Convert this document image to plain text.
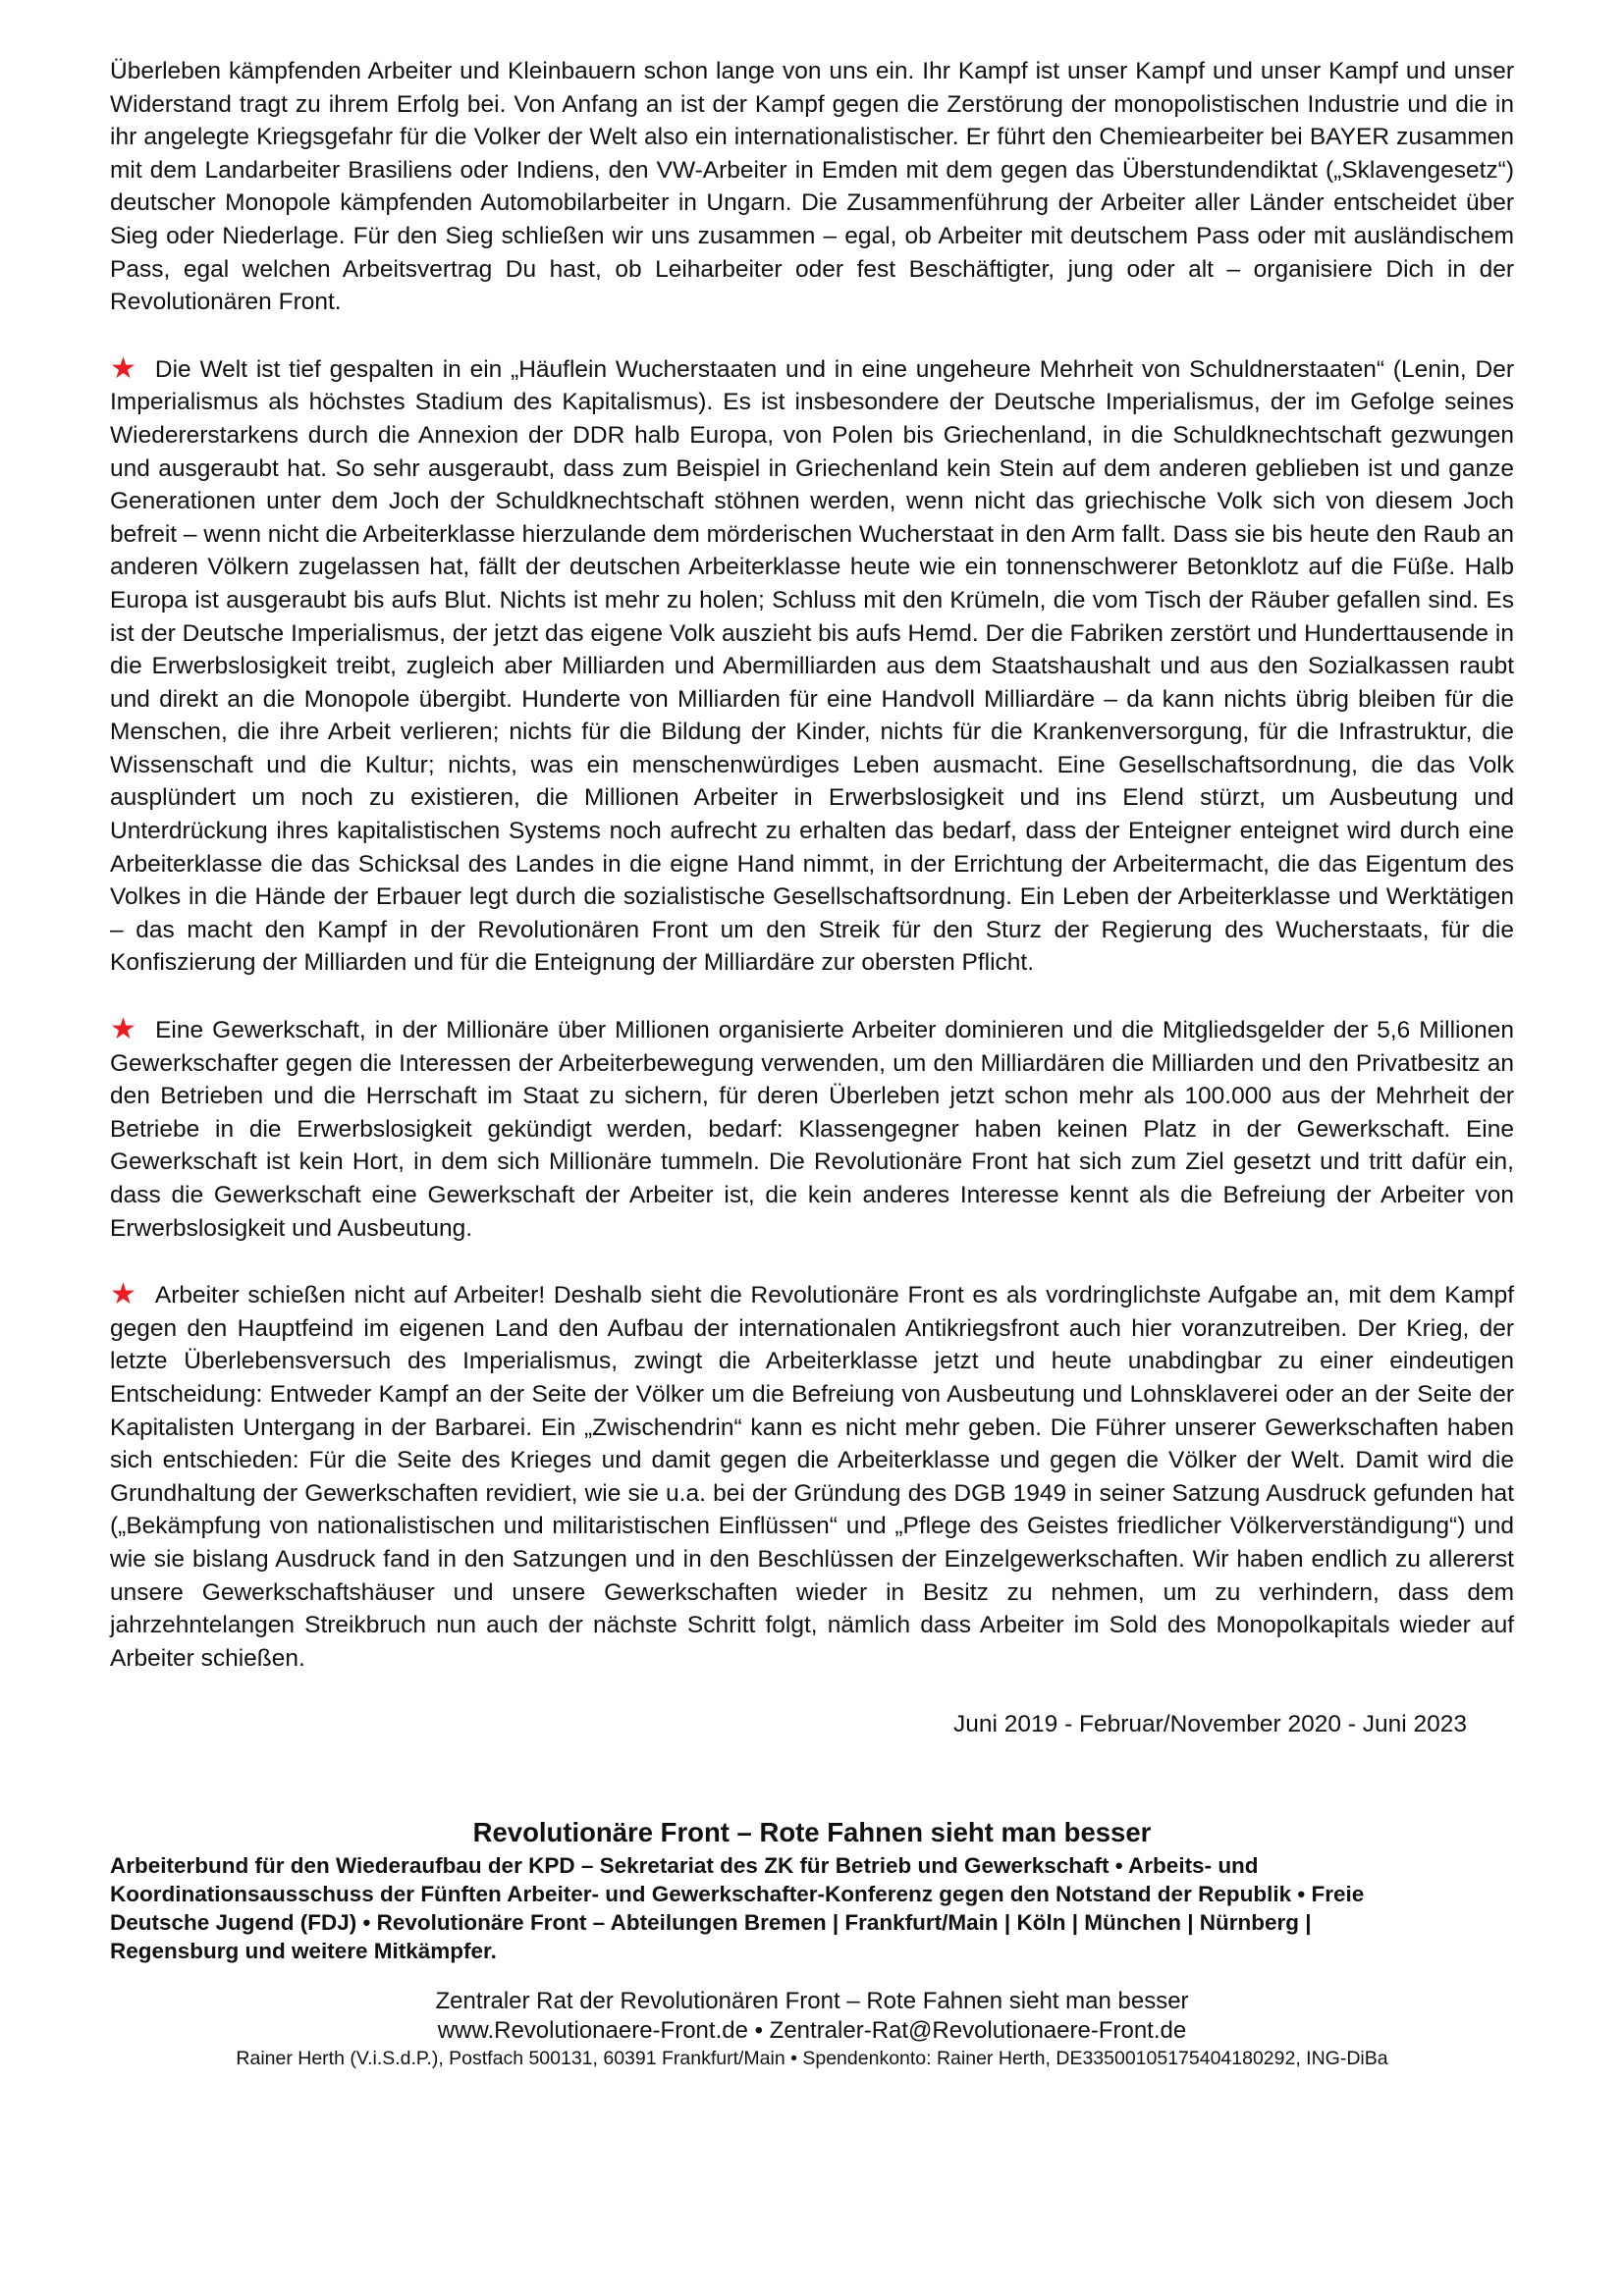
Überleben kämpfenden Arbeiter und Kleinbauern schon lange von uns ein. Ihr Kampf ist unser Kampf und unser Kampf und unser Widerstand tragt zu ihrem Erfolg bei. Von Anfang an ist der Kampf gegen die Zerstörung der monopolistischen Industrie und die in ihr angelegte Kriegsgefahr für die Volker der Welt also ein internationalistischer. Er führt den Chemiearbeiter bei BAYER zusammen mit dem Landarbeiter Brasiliens oder Indiens, den VW-Arbeiter in Emden mit dem gegen das Überstundendiktat („Sklavengesetz“) deutscher Monopole kämpfenden Automobilarbeiter in Ungarn. Die Zusammenführung der Arbeiter aller Länder entscheidet über Sieg oder Niederlage. Für den Sieg schließen wir uns zusammen – egal, ob Arbeiter mit deutschem Pass oder mit ausländischem Pass, egal welchen Arbeitsvertrag Du hast, ob Leiharbeiter oder fest Beschäftigter, jung oder alt – organisiere Dich in der Revolutionären Front.

★ Die Welt ist tief gespalten in ein „Häuflein Wucherstaaten und in eine ungeheure Mehrheit von Schuldnerstaaten“ (Lenin, Der Imperialismus als höchstes Stadium des Kapitalismus). Es ist insbesondere der Deutsche Imperialismus, der im Gefolge seines Wiedererstarkens durch die Annexion der DDR halb Europa, von Polen bis Griechenland, in die Schuldknechtschaft gezwungen und ausgeraubt hat. So sehr ausgeraubt, dass zum Beispiel in Griechenland kein Stein auf dem anderen geblieben ist und ganze Generationen unter dem Joch der Schuldknechtschaft stöhnen werden, wenn nicht das griechische Volk sich von diesem Joch befreit – wenn nicht die Arbeiterklasse hierzulande dem mörderischen Wucherstaat in den Arm fallt. Dass sie bis heute den Raub an anderen Völkern zugelassen hat, fällt der deutschen Arbeiterklasse heute wie ein tonnenschwerer Betonklotz auf die Füße. Halb Europa ist ausgeraubt bis aufs Blut. Nichts ist mehr zu holen; Schluss mit den Krümeln, die vom Tisch der Räuber gefallen sind. Es ist der Deutsche Imperialismus, der jetzt das eigene Volk auszieht bis aufs Hemd. Der die Fabriken zerstört und Hunderttausende in die Erwerbslosigkeit treibt, zugleich aber Milliarden und Abermilliarden aus dem Staatshaushalt und aus den Sozialkassen raubt und direkt an die Monopole übergibt. Hunderte von Milliarden für eine Handvoll Milliardäre – da kann nichts übrig bleiben für die Menschen, die ihre Arbeit verlieren; nichts für die Bildung der Kinder, nichts für die Krankenversorgung, für die Infrastruktur, die Wissenschaft und die Kultur; nichts, was ein menschenwürdiges Leben ausmacht. Eine Gesellschaftsordnung, die das Volk ausplündert um noch zu existieren, die Millionen Arbeiter in Erwerbslosigkeit und ins Elend stürzt, um Ausbeutung und Unterdrückung ihres kapitalistischen Systems noch aufrecht zu erhalten das bedarf, dass der Enteigner enteignet wird durch eine Arbeiterklasse die das Schicksal des Landes in die eigne Hand nimmt, in der Errichtung der Arbeitermacht, die das Eigentum des Volkes in die Hände der Erbauer legt durch die sozialistische Gesellschaftsordnung. Ein Leben der Arbeiterklasse und Werktätigen – das macht den Kampf in der Revolutionären Front um den Streik für den Sturz der Regierung des Wucherstaats, für die Konfiszierung der Milliarden und für die Enteignung der Milliardäre zur obersten Pflicht.

★ Eine Gewerkschaft, in der Millionäre über Millionen organisierte Arbeiter dominieren und die Mitgliedsgelder der 5,6 Millionen Gewerkschafter gegen die Interessen der Arbeiterbewegung verwenden, um den Milliardären die Milliarden und den Privatbesitz an den Betrieben und die Herrschaft im Staat zu sichern, für deren Überleben jetzt schon mehr als 100.000 aus der Mehrheit der Betriebe in die Erwerbslosigkeit gekündigt werden, bedarf: Klassengegner haben keinen Platz in der Gewerkschaft. Eine Gewerkschaft ist kein Hort, in dem sich Millionäre tummeln. Die Revolutionäre Front hat sich zum Ziel gesetzt und tritt dafür ein, dass die Gewerkschaft eine Gewerkschaft der Arbeiter ist, die kein anderes Interesse kennt als die Befreiung der Arbeiter von Erwerbslosigkeit und Ausbeutung.

★ Arbeiter schießen nicht auf Arbeiter! Deshalb sieht die Revolutionäre Front es als vordringlichste Aufgabe an, mit dem Kampf gegen den Hauptfeind im eigenen Land den Aufbau der internationalen Antikriegsfront auch hier voranzutreiben. Der Krieg, der letzte Überlebensversuch des Imperialismus, zwingt die Arbeiterklasse jetzt und heute unabdingbar zu einer eindeutigen Entscheidung: Entweder Kampf an der Seite der Völker um die Befreiung von Ausbeutung und Lohnsklaverei oder an der Seite der Kapitalisten Untergang in der Barbarei. Ein „Zwischendrin“ kann es nicht mehr geben. Die Führer unserer Gewerkschaften haben sich entschieden: Für die Seite des Krieges und damit gegen die Arbeiterklasse und gegen die Völker der Welt. Damit wird die Grundhaltung der Gewerkschaften revidiert, wie sie u.a. bei der Gründung des DGB 1949 in seiner Satzung Ausdruck gefunden hat („Bekämpfung von nationalistischen und militaristischen Einflüssen“ und „Pflege des Geistes friedlicher Völkerverständigung“) und wie sie bislang Ausdruck fand in den Satzungen und in den Beschlüssen der Einzelgewerkschaften. Wir haben endlich zu allererst unsere Gewerkschaftshäuser und unsere Gewerkschaften wieder in Besitz zu nehmen, um zu verhindern, dass dem jahrzehntelangen Streikbruch nun auch der nächste Schritt folgt, nämlich dass Arbeiter im Sold des Monopolkapitals wieder auf Arbeiter schießen.

Juni 2019 - Februar/November 2020 - Juni 2023
Revolutionäre Front – Rote Fahnen sieht man besser
Arbeiterbund für den Wiederaufbau der KPD – Sekretariat des ZK für Betrieb und Gewerkschaft • Arbeits- und
Koordinationsausschuss der Fünften Arbeiter- und Gewerkschafter-Konferenz gegen den Notstand der Republik • Freie
Deutsche Jugend (FDJ) • Revolutionäre Front – Abteilungen Bremen | Frankfurt/Main | Köln | München | Nürnberg |
Regensburg und weitere Mitkämpfer.
Zentraler Rat der Revolutionären Front – Rote Fahnen sieht man besser
www.Revolutionaere-Front.de • Zentraler-Rat@Revolutionaere-Front.de
Rainer Herth (V.i.S.d.P.), Postfach 500131, 60391 Frankfurt/Main • Spendenkonto: Rainer Herth, DE33500105175404180292, ING-DiBa
